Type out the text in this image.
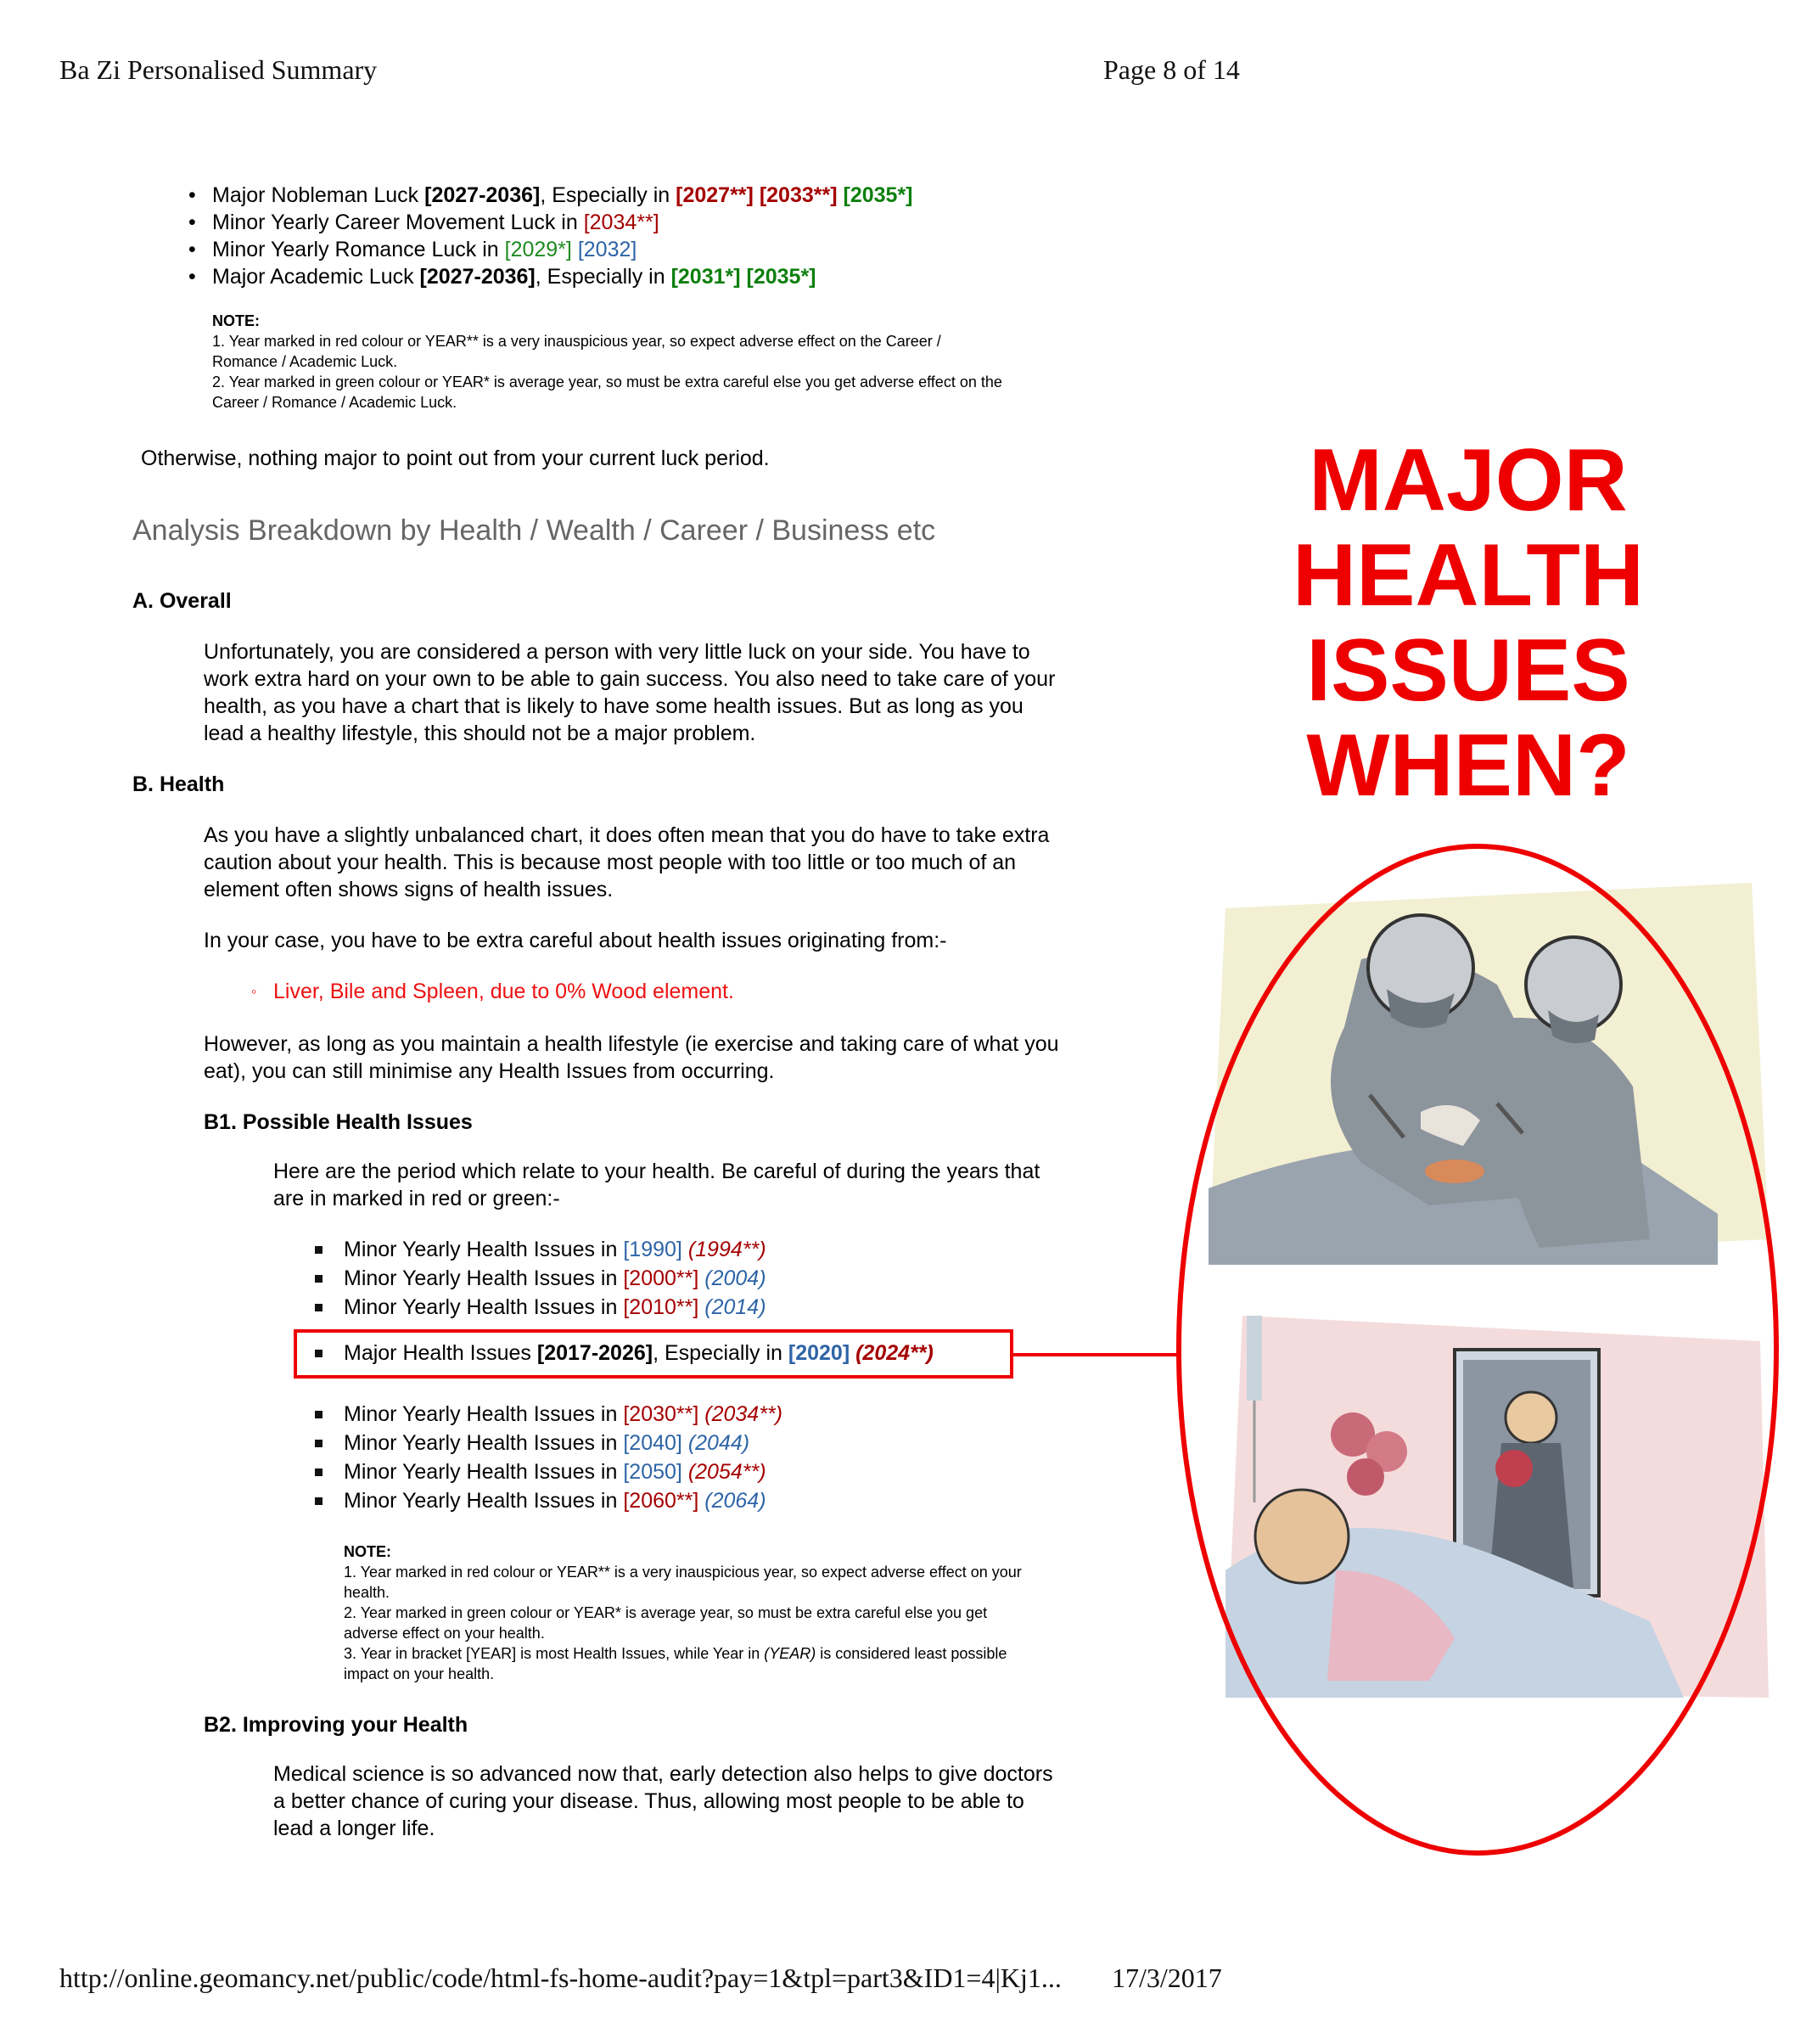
Ba Zi Personalised Summary	Page 8 of 14
• Major Nobleman Luck [2027-2036], Especially in [2027**] [2033**] [2035*]
• Minor Yearly Career Movement Luck in [2034**]
• Minor Yearly Romance Luck in [2029*] [2032]
• Major Academic Luck [2027-2036], Especially in [2031*] [2035*]
NOTE:
1. Year marked in red colour or YEAR** is a very inauspicious year, so expect adverse effect on the Career /
Romance / Academic Luck.
2. Year marked in green colour or YEAR* is average year, so must be extra careful else you get adverse effect on the
Career / Romance / Academic Luck.
Otherwise, nothing major to point out from your current luck period.
Analysis Breakdown by Health / Wealth / Career / Business etc
A. Overall
Unfortunately, you are considered a person with very little luck on your side. You have to
work extra hard on your own to be able to gain success. You also need to take care of your
health, as you have a chart that is likely to have some health issues. But as long as you
lead a healthy lifestyle, this should not be a major problem.
B. Health
As you have a slightly unbalanced chart, it does often mean that you do have to take extra
caution about your health. This is because most people with too little or too much of an
element often shows signs of health issues.
In your case, you have to be extra careful about health issues originating from:-
◦ Liver, Bile and Spleen, due to 0% Wood element.
However, as long as you maintain a health lifestyle (ie exercise and taking care of what you
eat), you can still minimise any Health Issues from occurring.
B1. Possible Health Issues
Here are the period which relate to your health. Be careful of during the years that
are in marked in red or green:-
Minor Yearly Health Issues in [1990] (1994**)
Minor Yearly Health Issues in [2000**] (2004)
Minor Yearly Health Issues in [2010**] (2014)
Major Health Issues [2017-2026], Especially in [2020] (2024**)
Minor Yearly Health Issues in [2030**] (2034**)
Minor Yearly Health Issues in [2040] (2044)
Minor Yearly Health Issues in [2050] (2054**)
Minor Yearly Health Issues in [2060**] (2064)
NOTE:
1. Year marked in red colour or YEAR** is a very inauspicious year, so expect adverse effect on your
health.
2. Year marked in green colour or YEAR* is average year, so must be extra careful else you get
adverse effect on your health.
3. Year in bracket [YEAR] is most Health Issues, while Year in (YEAR) is considered least possible
impact on your health.
B2. Improving your Health
Medical science is so advanced now that, early detection also helps to give doctors
a better chance of curing your disease. Thus, allowing most people to be able to
lead a longer life.
MAJOR
HEALTH
ISSUES
WHEN?
http://online.geomancy.net/public/code/html-fs-home-audit?pay=1&tpl=part3&ID1=4|Kj1... 17/3/2017
